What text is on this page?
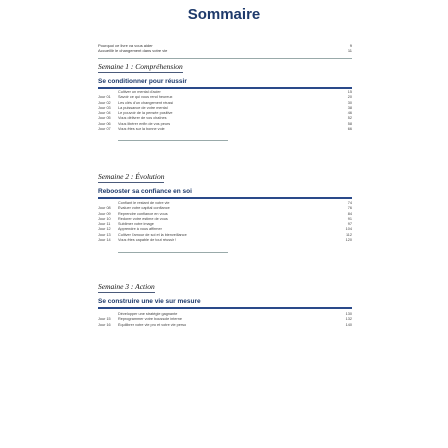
Sommaire
Pourquoi ce livre va vous aider	9
Accueillir le changement dans votre vie	11
Semaine 1 : Compréhension
Se conditionner pour réussir
Cultiver un mental d'acier	15
Jour 01	Savoir ce qui vous rend heureux	20
Jour 02	Les clés d'un changement réussi	30
Jour 03	La puissance de votre mental	38
Jour 04	Le pouvoir de la pensée positive	46
Jour 05	Vous délivrer de vos chaînes	52
Jour 06	Vous libérer enfin de vos peurs	58
Jour 07	Vous êtes sur la bonne voie	66
Semaine 2 : Évolution
Rebooster sa confiance en soi
Confiant le restant de votre vie	74
Jour 08	Évaluer votre capital confiance	76
Jour 09	Reprendre confiance en vous	84
Jour 10	Redorer votre estime de vous	91
Jour 11	Sublimer votre image	97
Jour 12	Apprendre à vous affirmer	104
Jour 13	Cultiver l'amour de soi et la bienveillance	112
Jour 14	Vous êtes capable de tout réussir !	120
Semaine 3 : Action
Se construire une vie sur mesure
Développer une stratégie gagnante	130
Jour 15	Reprogrammer votre boussole interne	132
Jour 16	Équilibrer votre vie pro et votre vie perso	140
